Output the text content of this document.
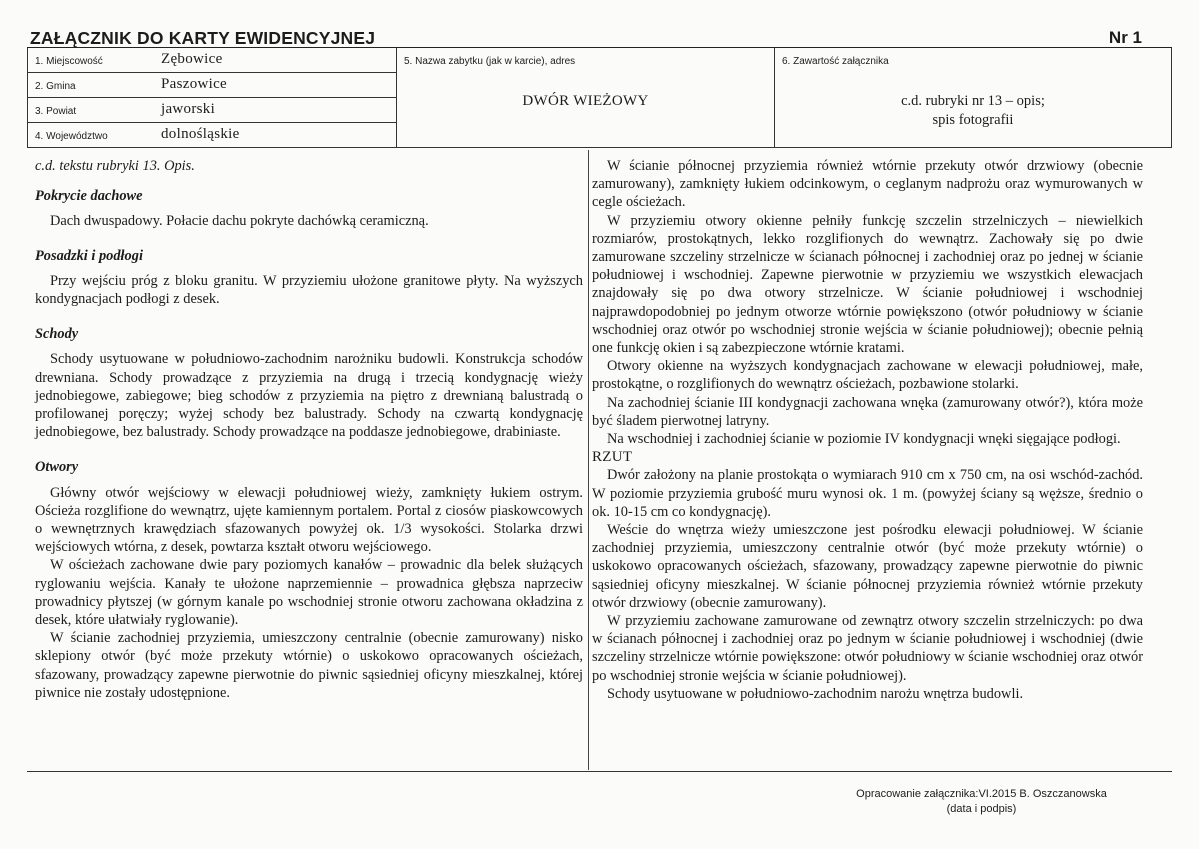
ZAŁĄCZNIK DO KARTY EWIDENCYJNEJ	Nr 1
1. Miejscowość	Zębowice
2. Gmina	Paszowice
3. Powiat	jaworski
4. Województwo	dolnośląskie
5. Nazwa zabytku (jak w karcie), adres
DWÓR WIEŻOWY
6. Zawartość załącznika
c.d. rubryki nr 13 – opis;
spis fotografii

c.d. tekstu rubryki 13. Opis.

Pokrycie dachowe

Dach dwuspadowy. Połacie dachu pokryte dachówką ceramiczną.

Posadzki i podłogi

Przy wejściu próg z bloku granitu. W przyziemiu ułożone granitowe płyty. Na wyższych kondygnacjach podłogi z desek.

Schody

Schody usytuowane w południowo-zachodnim narożniku budowli. Konstrukcja schodów drewniana. Schody prowadzące z przyziemia na drugą i trzecią kondygnację wieży jednobiegowe, zabiegowe; bieg schodów z przyziemia na piętro z drewnianą balustradą o profilowanej poręczy; wyżej schody bez balustrady. Schody na czwartą kondygnację jednobiegowe, bez balustrady. Schody prowadzące na poddasze jednobiegowe, drabiniaste.

Otwory

Główny otwór wejściowy w elewacji południowej wieży, zamknięty łukiem ostrym. Ościeża rozglifione do wewnątrz, ujęte kamiennym portalem. Portal z ciosów piaskowcowych o wewnętrznych krawędziach sfazowanych powyżej ok. 1/3 wysokości. Stolarka drzwi wejściowych wtórna, z desek, powtarza kształt otworu wejściowego.

W ościeżach zachowane dwie pary poziomych kanałów – prowadnic dla belek służących ryglowaniu wejścia. Kanały te ułożone naprzemiennie – prowadnica głębsza naprzeciw prowadnicy płytszej (w górnym kanale po wschodniej stronie otworu zachowana okładzina z desek, które ułatwiały ryglowanie).

W ścianie zachodniej przyziemia, umieszczony centralnie (obecnie zamurowany) nisko sklepiony otwór (być może przekuty wtórnie) o uskokowo opracowanych ościeżach, sfazowany, prowadzący zapewne pierwotnie do piwnic sąsiedniej oficyny mieszkalnej, której piwnice nie zostały udostępnione.

W ścianie północnej przyziemia również wtórnie przekuty otwór drzwiowy (obecnie zamurowany), zamknięty łukiem odcinkowym, o ceglanym nadprożu oraz wymurowanych w cegle ościeżach.

W przyziemiu otwory okienne pełniły funkcję szczelin strzelniczych – niewielkich rozmiarów, prostokątnych, lekko rozglifionych do wewnątrz. Zachowały się po dwie zamurowane szczeliny strzelnicze w ścianach północnej i zachodniej oraz po jednej w ścianie południowej i wschodniej. Zapewne pierwotnie w przyziemiu we wszystkich elewacjach znajdowały się po dwa otwory strzelnicze. W ścianie południowej i wschodniej najprawdopodobniej po jednym otworze wtórnie powiększono (otwór południowy w ścianie wschodniej oraz otwór po wschodniej stronie wejścia w ścianie południowej); obecnie pełnią one funkcję okien i są zabezpieczone wtórnie kratami.

Otwory okienne na wyższych kondygnacjach zachowane w elewacji południowej, małe, prostokątne, o rozglifionych do wewnątrz ościeżach, pozbawione stolarki.

Na zachodniej ścianie III kondygnacji zachowana wnęka (zamurowany otwór?), która może być śladem pierwotnej latryny.

Na wschodniej i zachodniej ścianie w poziomie IV kondygnacji wnęki sięgające podłogi.

RZUT

Dwór założony na planie prostokąta o wymiarach 910 cm x 750 cm, na osi wschód-zachód. W poziomie przyziemia grubość muru wynosi ok. 1 m. (powyżej ściany są węższe, średnio o ok. 10-15 cm co kondygnację).

Weście do wnętrza wieży umieszczone jest pośrodku elewacji południowej. W ścianie zachodniej przyziemia, umieszczony centralnie otwór (być może przekuty wtórnie) o uskokowo opracowanych ościeżach, sfazowany, prowadzący zapewne pierwotnie do piwnic sąsiedniej oficyny mieszkalnej. W ścianie północnej przyziemia również wtórnie przekuty otwór drzwiowy (obecnie zamurowany).

W przyziemiu zachowane zamurowane od zewnątrz otwory szczelin strzelniczych: po dwa w ścianach północnej i zachodniej oraz po jednym w ścianie południowej i wschodniej (dwie szczeliny strzelnicze wtórnie powiększone: otwór południowy w ścianie wschodniej oraz otwór po wschodniej stronie wejścia w ścianie południowej).

Schody usytuowane w południowo-zachodnim narożu wnętrza budowli.

Opracowanie załącznika:VI.2015 B. Oszczanowska
(data i podpis)
